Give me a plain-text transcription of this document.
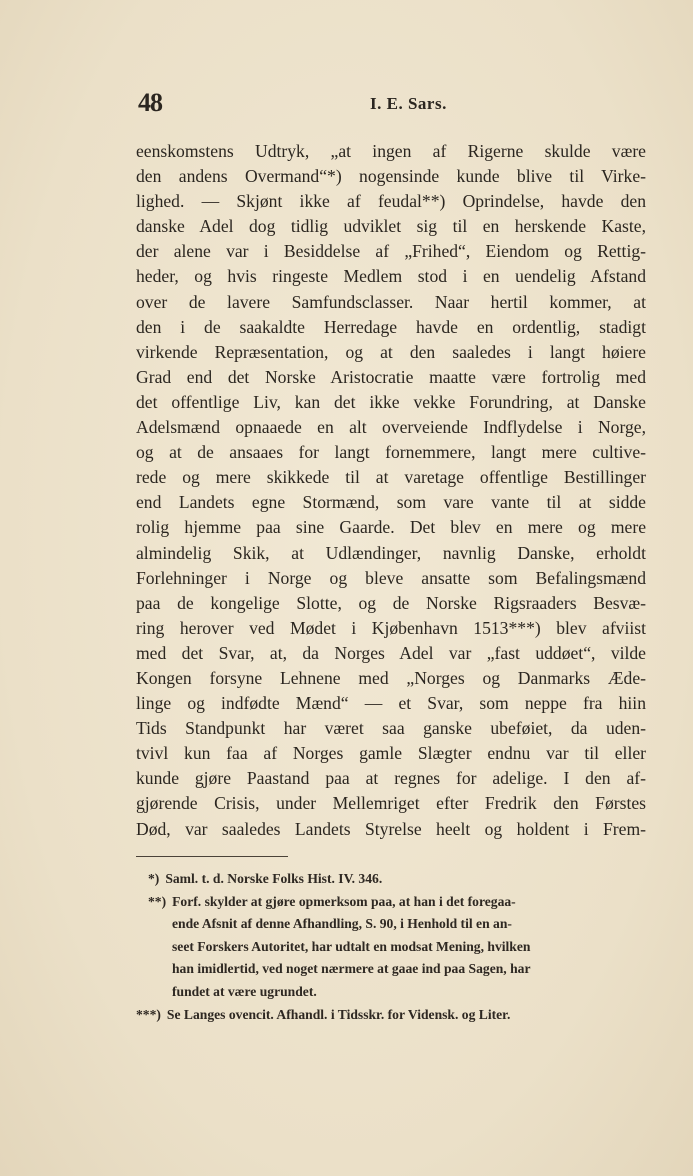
48	I. E. Sars.
eenskomstens Udtryk, „at ingen af Rigerne skulde være
den andens Overmand“*) nogensinde kunde blive til Virke-
lighed. — Skjønt ikke af feudal**) Oprindelse, havde den
danske Adel dog tidlig udviklet sig til en herskende Kaste,
der alene var i Besiddelse af „Frihed“, Eiendom og Rettig-
heder, og hvis ringeste Medlem stod i en uendelig Afstand
over de lavere Samfundsclasser. Naar hertil kommer, at
den i de saakaldte Herredage havde en ordentlig, stadigt
virkende Repræsentation, og at den saaledes i langt høiere
Grad end det Norske Aristocratie maatte være fortrolig med
det offentlige Liv, kan det ikke vekke Forundring, at Danske
Adelsmænd opnaaede en alt overveiende Indflydelse i Norge,
og at de ansaaes for langt fornemmere, langt mere cultive-
rede og mere skikkede til at varetage offentlige Bestillinger
end Landets egne Stormænd, som vare vante til at sidde
rolig hjemme paa sine Gaarde. Det blev en mere og mere
almindelig Skik, at Udlændinger, navnlig Danske, erholdt
Forlehninger i Norge og bleve ansatte som Befalingsmænd
paa de kongelige Slotte, og de Norske Rigsraaders Besvæ-
ring herover ved Mødet i Kjøbenhavn 1513***) blev afviist
med det Svar, at, da Norges Adel var „fast uddøet“, vilde
Kongen forsyne Lehnene med „Norges og Danmarks Æde-
linge og indfødte Mænd“ — et Svar, som neppe fra hiin
Tids Standpunkt har været saa ganske ubeføiet, da uden-
tvivl kun faa af Norges gamle Slægter endnu var til eller
kunde gjøre Paastand paa at regnes for adelige. I den af-
gjørende Crisis, under Mellemriget efter Fredrik den Førstes
Død, var saaledes Landets Styrelse heelt og holdent i Frem-
*) Saml. t. d. Norske Folks Hist. IV. 346.
**) Forf. skylder at gjøre opmerksom paa, at han i det foregaa-
ende Afsnit af denne Afhandling, S. 90, i Henhold til en an-
seet Forskers Autoritet, har udtalt en modsat Mening, hvilken
han imidlertid, ved noget nærmere at gaae ind paa Sagen, har
fundet at være ugrundet.
***) Se Langes ovencit. Afhandl. i Tidsskr. for Vidensk. og Liter.
